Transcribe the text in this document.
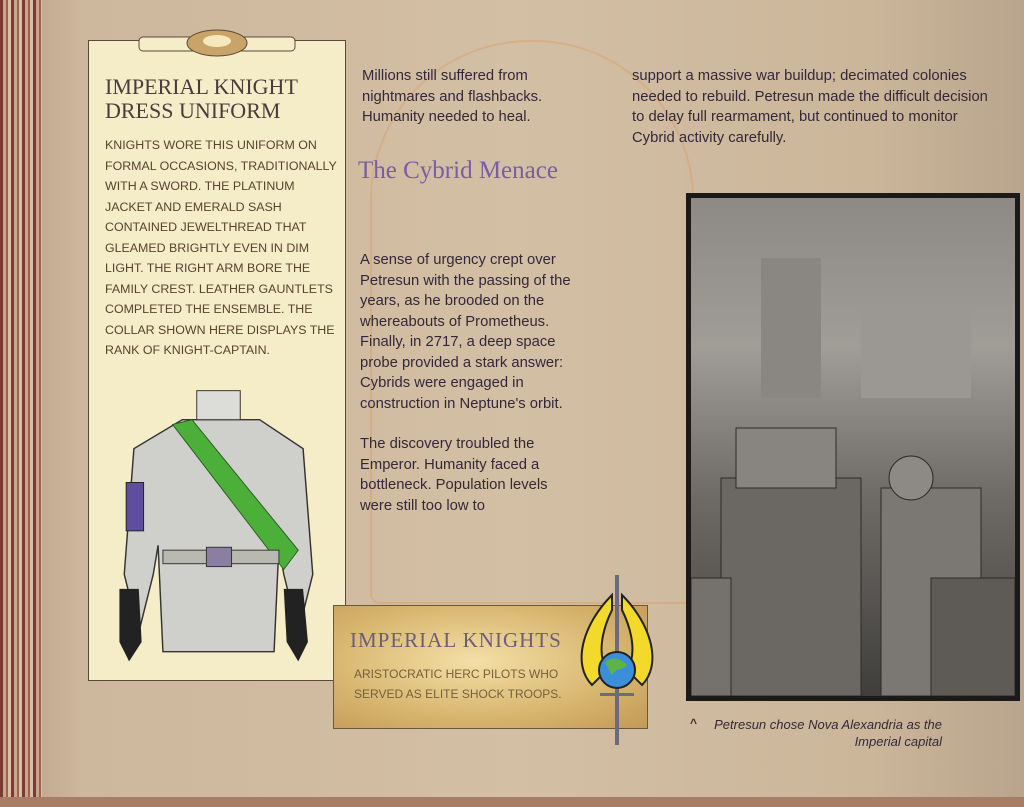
IMPERIAL KNIGHT DRESS UNIFORM

KNIGHTS WORE THIS UNIFORM ON FORMAL OCCASIONS, TRADITIONALLY WITH A SWORD. THE PLATINUM JACKET AND EMERALD SASH CONTAINED JEWELTHREAD THAT GLEAMED BRIGHTLY EVEN IN DIM LIGHT. THE RIGHT ARM BORE THE FAMILY CREST. LEATHER GAUNTLETS COMPLETED THE ENSEMBLE. THE COLLAR SHOWN HERE DISPLAYS THE RANK OF KNIGHT-CAPTAIN.

Millions still suffered from nightmares and flashbacks. Humanity needed to heal.

The Cybrid Menace

A sense of urgency crept over Petresun with the passing of the years, as he brooded on the whereabouts of Prometheus. Finally, in 2717, a deep space probe provided a stark answer: Cybrids were engaged in construction in Neptune's orbit.

The discovery troubled the Emperor. Humanity faced a bottleneck. Population levels were still too low to

support a massive war buildup; decimated colonies needed to rebuild. Petresun made the difficult decision to delay full rearmament, but continued to monitor Cybrid activity carefully.

^	Petresun chose Nova Alexandria as the Imperial capital
IMPERIAL KNIGHTS

ARISTOCRATIC HERC PILOTS WHO SERVED AS ELITE SHOCK TROOPS.
